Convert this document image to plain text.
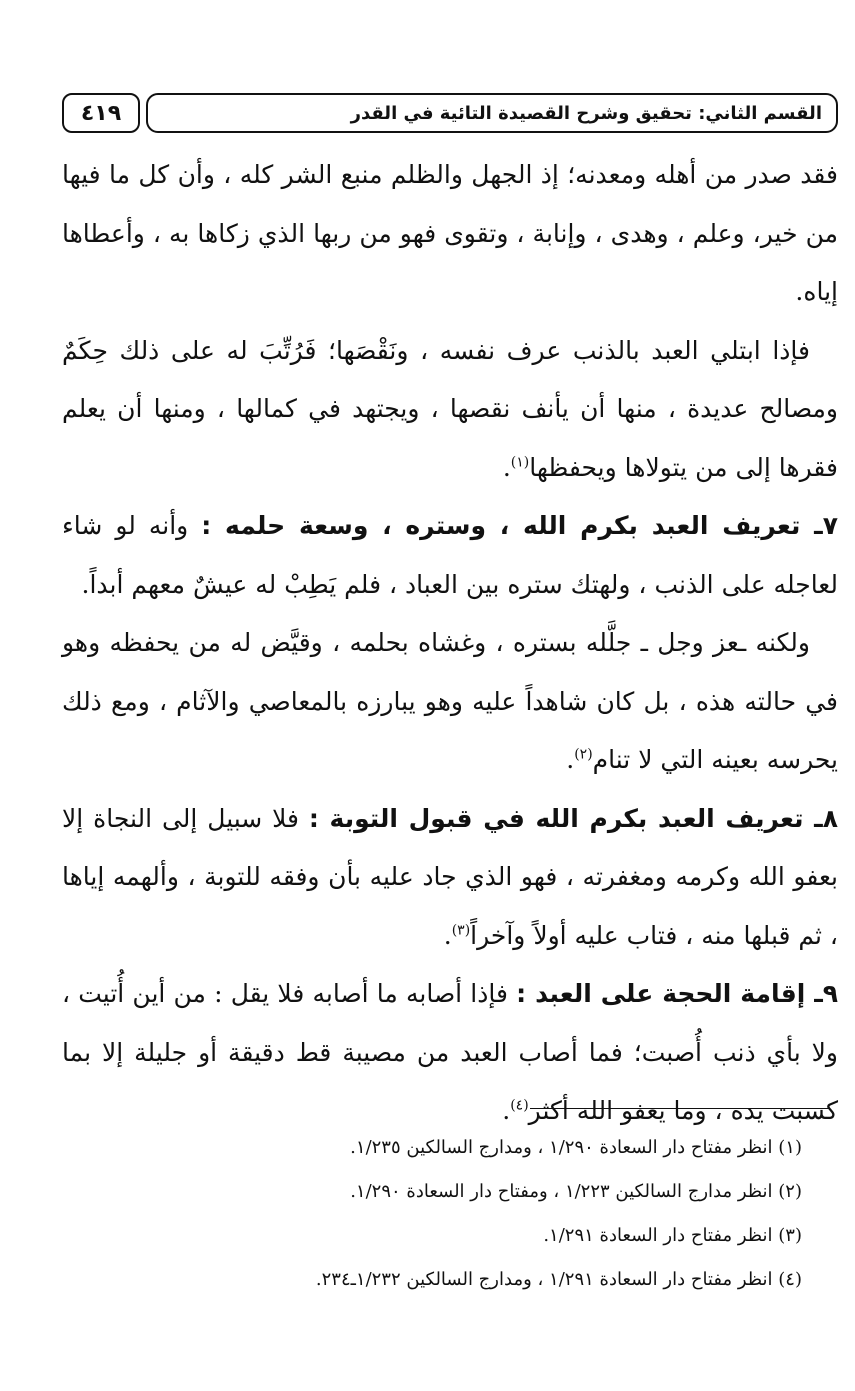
٤١٩	القسم الثاني: تحقيق وشرح القصيدة التائية في القدر

فقد صدر من أهله ومعدنه؛ إذ الجهل والظلم منبع الشر كله ، وأن كل ما فيها من خير، وعلم ، وهدى ، وإنابة ، وتقوى فهو من ربها الذي زكاها به ، وأعطاها إياه.

فإذا ابتلي العبد بالذنب عرف نفسه ، ونَقْصَها؛ فَرُتِّبَ له على ذلك حِكَمٌ ومصالح عديدة ، منها أن يأنف نقصها ، ويجتهد في كمالها ، ومنها أن يعلم فقرها إلى من يتولاها ويحفظها$^{(١)}$.

٧ـ تعريف العبد بكرم الله ، وستره ، وسعة حلمه : وأنه لو شاء لعاجله على الذنب ، ولهتك ستره بين العباد ، فلم يَطِبْ له عيشٌ معهم أبداً.

ولكنه ـعز وجل ـ جلَّله بستره ، وغشاه بحلمه ، وقيَّض له من يحفظه وهو في حالته هذه ، بل كان شاهداً عليه وهو يبارزه بالمعاصي والآثام ، ومع ذلك يحرسه بعينه التي لا تنام$^{(٢)}$.

٨ـ تعريف العبد بكرم الله في قبول التوبة : فلا سبيل إلى النجاة إلا بعفو الله وكرمه ومغفرته ، فهو الذي جاد عليه بأن وفقه للتوبة ، وألهمه إياها ، ثم قبلها منه ، فتاب عليه أولاً وآخراً$^{(٣)}$.

٩ـ إقامة الحجة على العبد : فإذا أصابه ما أصابه فلا يقل : من أين أُتيت ، ولا بأي ذنب أُصبت؛ فما أصاب العبد من مصيبة قط دقيقة أو جليلة إلا بما كسبت يده ، وما يعفو الله أكثر$^{(٤)}$.

(١) انظر مفتاح دار السعادة ١/٢٩٠ ، ومدارج السالكين ١/٢٣٥.

(٢) انظر مدارج السالكين ١/٢٢٣ ، ومفتاح دار السعادة ١/٢٩٠.

(٣) انظر مفتاح دار السعادة ١/٢٩١.

(٤) انظر مفتاح دار السعادة ١/٢٩١ ، ومدارج السالكين ١/٢٣٢ـ٢٣٤.
